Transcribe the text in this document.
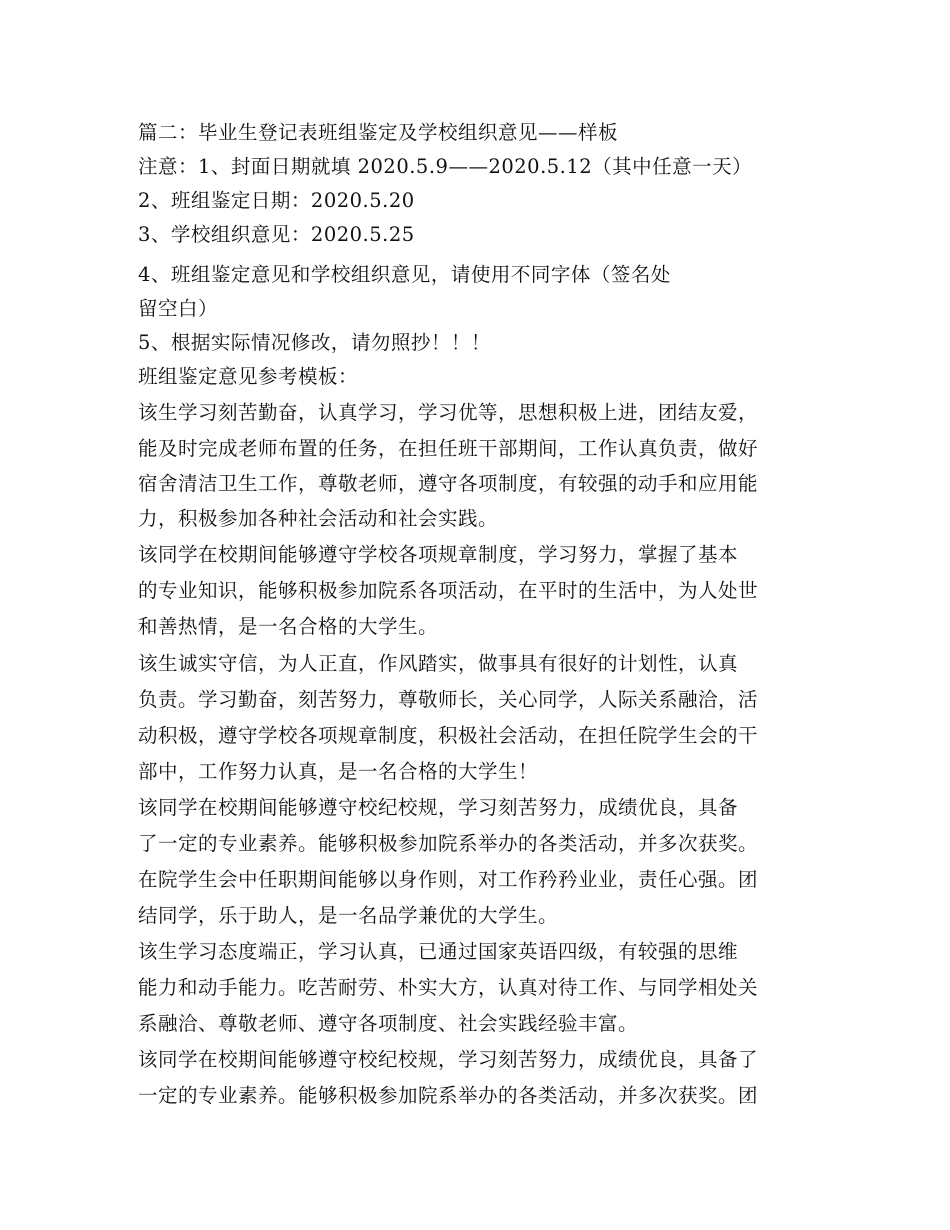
篇二：毕业生登记表班组鉴定及学校组织意见——样板
注意：1、封面日期就填 2020.5.9——2020.5.12（其中任意一天）
2、班组鉴定日期：2020.5.20
3、学校组织意见：2020.5.25
4、班组鉴定意见和学校组织意见，请使用不同字体（签名处
留空白）
5、根据实际情况修改，请勿照抄！！！
班组鉴定意见参考模板：
该生学习刻苦勤奋，认真学习，学习优等，思想积极上进，团结友爱，
能及时完成老师布置的任务，在担任班干部期间，工作认真负责，做好
宿舍清洁卫生工作，尊敬老师，遵守各项制度，有较强的动手和应用能
力，积极参加各种社会活动和社会实践。
该同学在校期间能够遵守学校各项规章制度，学习努力，掌握了基本
的专业知识，能够积极参加院系各项活动，在平时的生活中，为人处世
和善热情，是一名合格的大学生。
该生诚实守信，为人正直，作风踏实，做事具有很好的计划性，认真
负责。学习勤奋，刻苦努力，尊敬师长，关心同学，人际关系融洽，活
动积极，遵守学校各项规章制度，积极社会活动，在担任院学生会的干
部中，工作努力认真，是一名合格的大学生！
该同学在校期间能够遵守校纪校规，学习刻苦努力，成绩优良，具备
了一定的专业素养。能够积极参加院系举办的各类活动，并多次获奖。
在院学生会中任职期间能够以身作则，对工作矜矜业业，责任心强。团
结同学，乐于助人，是一名品学兼优的大学生。
该生学习态度端正，学习认真，已通过国家英语四级，有较强的思维
能力和动手能力。吃苦耐劳、朴实大方，认真对待工作、与同学相处关
系融洽、尊敬老师、遵守各项制度、社会实践经验丰富。
该同学在校期间能够遵守校纪校规，学习刻苦努力，成绩优良，具备了
一定的专业素养。能够积极参加院系举办的各类活动，并多次获奖。团
